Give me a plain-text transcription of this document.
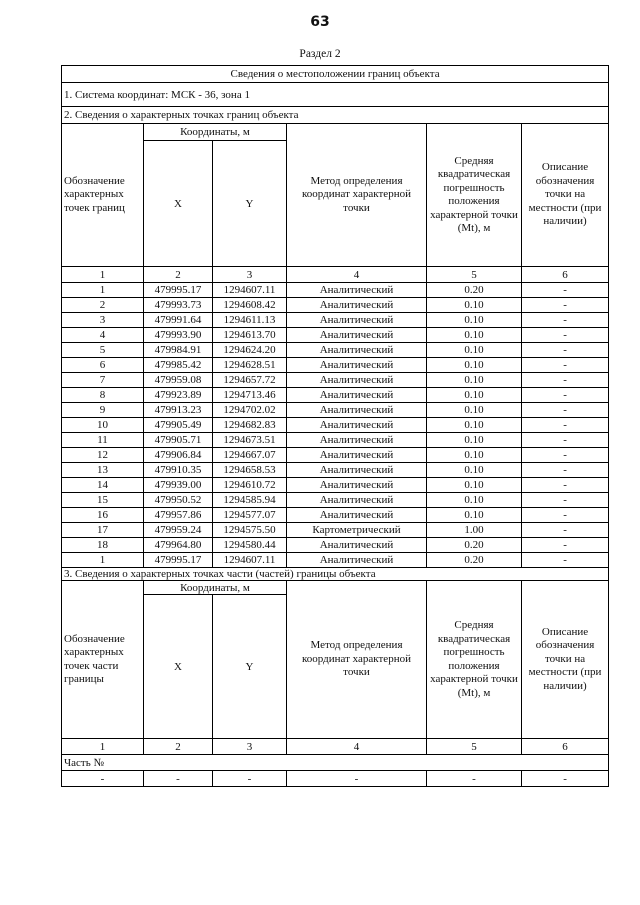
63
Раздел 2
Сведения о местоположении границ объекта					
1. Система координат: МСК - 36, зона 1					
2. Сведения о характерных точках границ объекта					
Обозначение характерных точек границ	Координаты, м		Метод определения координат характерной точки	Средняя квадратическая погрешность положения характерной точки (Mt), м	Описание обозначения точки на местности (при наличии)
	X	Y			
1	2	3	4	5	6
1	479995.17	1294607.11	Аналитический	0.20	-
2	479993.73	1294608.42	Аналитический	0.10	-
3	479991.64	1294611.13	Аналитический	0.10	-
4	479993.90	1294613.70	Аналитический	0.10	-
5	479984.91	1294624.20	Аналитический	0.10	-
6	479985.42	1294628.51	Аналитический	0.10	-
7	479959.08	1294657.72	Аналитический	0.10	-
8	479923.89	1294713.46	Аналитический	0.10	-
9	479913.23	1294702.02	Аналитический	0.10	-
10	479905.49	1294682.83	Аналитический	0.10	-
11	479905.71	1294673.51	Аналитический	0.10	-
12	479906.84	1294667.07	Аналитический	0.10	-
13	479910.35	1294658.53	Аналитический	0.10	-
14	479939.00	1294610.72	Аналитический	0.10	-
15	479950.52	1294585.94	Аналитический	0.10	-
16	479957.86	1294577.07	Аналитический	0.10	-
17	479959.24	1294575.50	Картометрический	1.00	-
18	479964.80	1294580.44	Аналитический	0.20	-
1	479995.17	1294607.11	Аналитический	0.20	-
3. Сведения о характерных точках части (частей) границы объекта					
Обозначение характерных точек части границы	Координаты, м		Метод определения координат характерной точки	Средняя квадратическая погрешность положения характерной точки (Mt), м	Описание обозначения точки на местности (при наличии)
	X	Y			
1	2	3	4	5	6
Часть №					
-	-	-	-	-	-
